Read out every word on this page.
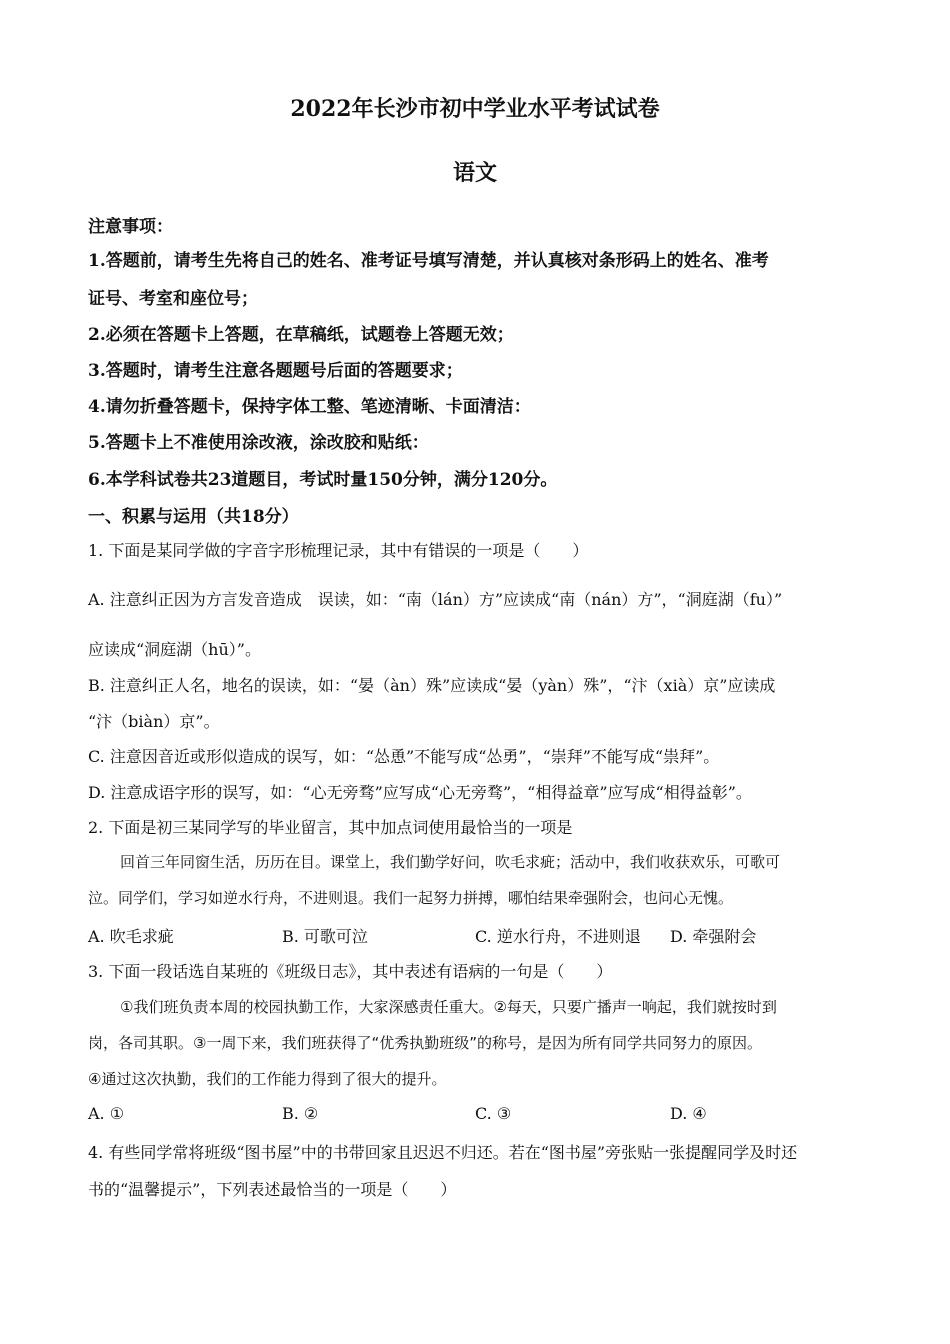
2022年长沙市初中学业水平考试试卷
语文
注意事项：
1.答题前，请考生先将自己的姓名、准考证号填写清楚，并认真核对条形码上的姓名、准考
证号、考室和座位号；
2.必须在答题卡上答题，在草稿纸，试题卷上答题无效；
3.答题时，请考生注意各题题号后面的答题要求；
4.请勿折叠答题卡，保持字体工整、笔迹清晰、卡面清洁：
5.答题卡上不准使用涂改液，涂改胶和贴纸：
6.本学科试卷共23道题目，考试时量150分钟，满分120分。
一、积累与运用（共18分）
1. 下面是某同学做的字音字形梳理记录，其中有错误的一项是（　　）
A. 注意纠正因为方言发音造成　误读，如：“南（lán）方”应读成“南（nán）方”，“洞庭湖（fu）”
应读成“洞庭湖（hū）”。
B. 注意纠正人名，地名的误读，如：“晏（àn）殊”应读成“晏（yàn）殊”，“汴（xià）京”应读成
“汴（biàn）京”。
C. 注意因音近或形似造成的误写，如：“怂恿”不能写成“怂勇”，“崇拜”不能写成“祟拜”。
D. 注意成语字形的误写，如：“心无旁骛”应写成“心无旁骛”，“相得益章”应写成“相得益彰”。
2. 下面是初三某同学写的毕业留言，其中加点词使用最恰当的一项是
回首三年同窗生活，历历在目。课堂上，我们勤学好问，吹毛求疵；活动中，我们收获欢乐，可歌可
泣。同学们，学习如逆水行舟，不进则退。我们一起努力拼搏，哪怕结果牵强附会，也问心无愧。
A. 吹毛求疵	B. 可歌可泣	C. 逆水行舟，不进则退 D. 牵强附会
3. 下面一段话选自某班的《班级日志》，其中表述有语病的一句是（　　）
①我们班负责本周的校园执勤工作，大家深感责任重大。②每天，只要广播声一响起，我们就按时到
岗，各司其职。③一周下来，我们班获得了“优秀执勤班级”的称号，是因为所有同学共同努力的原因。
④通过这次执勤，我们的工作能力得到了很大的提升。
A. ①	B. ②	C. ③	D. ④
4. 有些同学常将班级“图书屋”中的书带回家且迟迟不归还。若在“图书屋”旁张贴一张提醒同学及时还
书的“温馨提示”，下列表述最恰当的一项是（　　）
